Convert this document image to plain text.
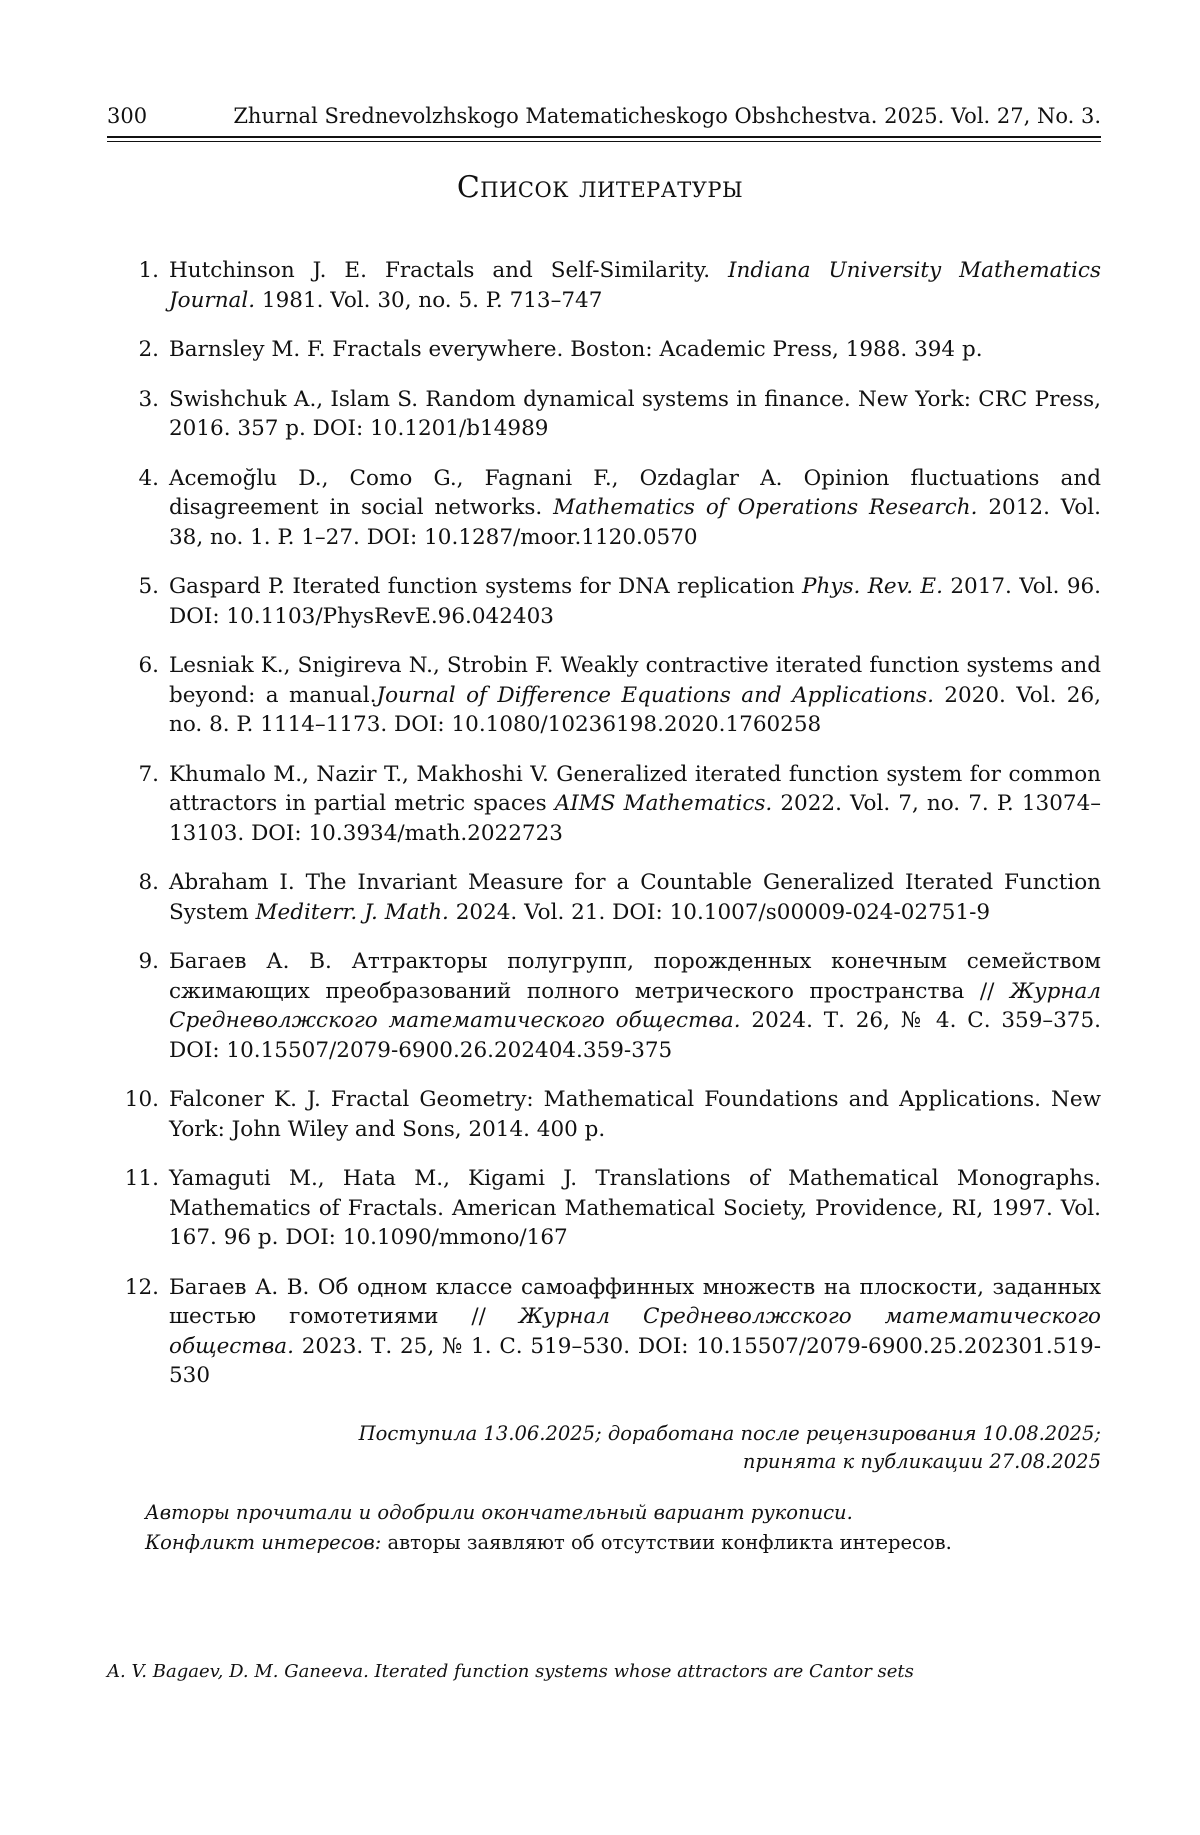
300	Zhurnal Srednevolzhskogo Matematicheskogo Obshchestva. 2025. Vol. 27, No. 3.
Список литературы
1. Hutchinson J. E. Fractals and Self-Similarity. Indiana University Mathematics Journal. 1981. Vol. 30, no. 5. P. 713–747
2. Barnsley M. F. Fractals everywhere. Boston: Academic Press, 1988. 394 p.
3. Swishchuk A., Islam S. Random dynamical systems in finance. New York: CRC Press, 2016. 357 p. DOI: 10.1201/b14989
4. Acemoğlu D., Como G., Fagnani F., Ozdaglar A. Opinion fluctuations and disagreement in social networks. Mathematics of Operations Research. 2012. Vol. 38, no. 1. P. 1–27. DOI: 10.1287/moor.1120.0570
5. Gaspard P. Iterated function systems for DNA replication Phys. Rev. E. 2017. Vol. 96. DOI: 10.1103/PhysRevE.96.042403
6. Lesniak K., Snigireva N., Strobin F. Weakly contractive iterated function systems and beyond: a manual.Journal of Difference Equations and Applications. 2020. Vol. 26, no. 8. P. 1114–1173. DOI: 10.1080/10236198.2020.1760258
7. Khumalo M., Nazir T., Makhoshi V. Generalized iterated function system for common attractors in partial metric spaces AIMS Mathematics. 2022. Vol. 7, no. 7. P. 13074–13103. DOI: 10.3934/math.2022723
8. Abraham I. The Invariant Measure for a Countable Generalized Iterated Function System Mediterr. J. Math. 2024. Vol. 21. DOI: 10.1007/s00009-024-02751-9
9. Багаев А. В. Аттракторы полугрупп, порожденных конечным семейством сжимающих преобразований полного метрического пространства // Журнал Средневолжского математического общества. 2024. Т. 26, № 4. С. 359–375. DOI: 10.15507/2079-6900.26.202404.359-375
10. Falconer K. J. Fractal Geometry: Mathematical Foundations and Applications. New York: John Wiley and Sons, 2014. 400 p.
11. Yamaguti M., Hata M., Kigami J. Translations of Mathematical Monographs. Mathematics of Fractals. American Mathematical Society, Providence, RI, 1997. Vol. 167. 96 p. DOI: 10.1090/mmono/167
12. Багаев А. В. Об одном классе самоаффинных множеств на плоскости, заданных шестью гомотетиями // Журнал Средневолжского математического общества. 2023. Т. 25, № 1. С. 519–530. DOI: 10.15507/2079-6900.25.202301.519-530
Поступила 13.06.2025; доработана после рецензирования 10.08.2025;
принята к публикации 27.08.2025
Авторы прочитали и одобрили окончательный вариант рукописи.
Конфликт интересов: авторы заявляют об отсутствии конфликта интересов.
A. V. Bagaev, D. M. Ganeeva. Iterated function systems whose attractors are Cantor sets
